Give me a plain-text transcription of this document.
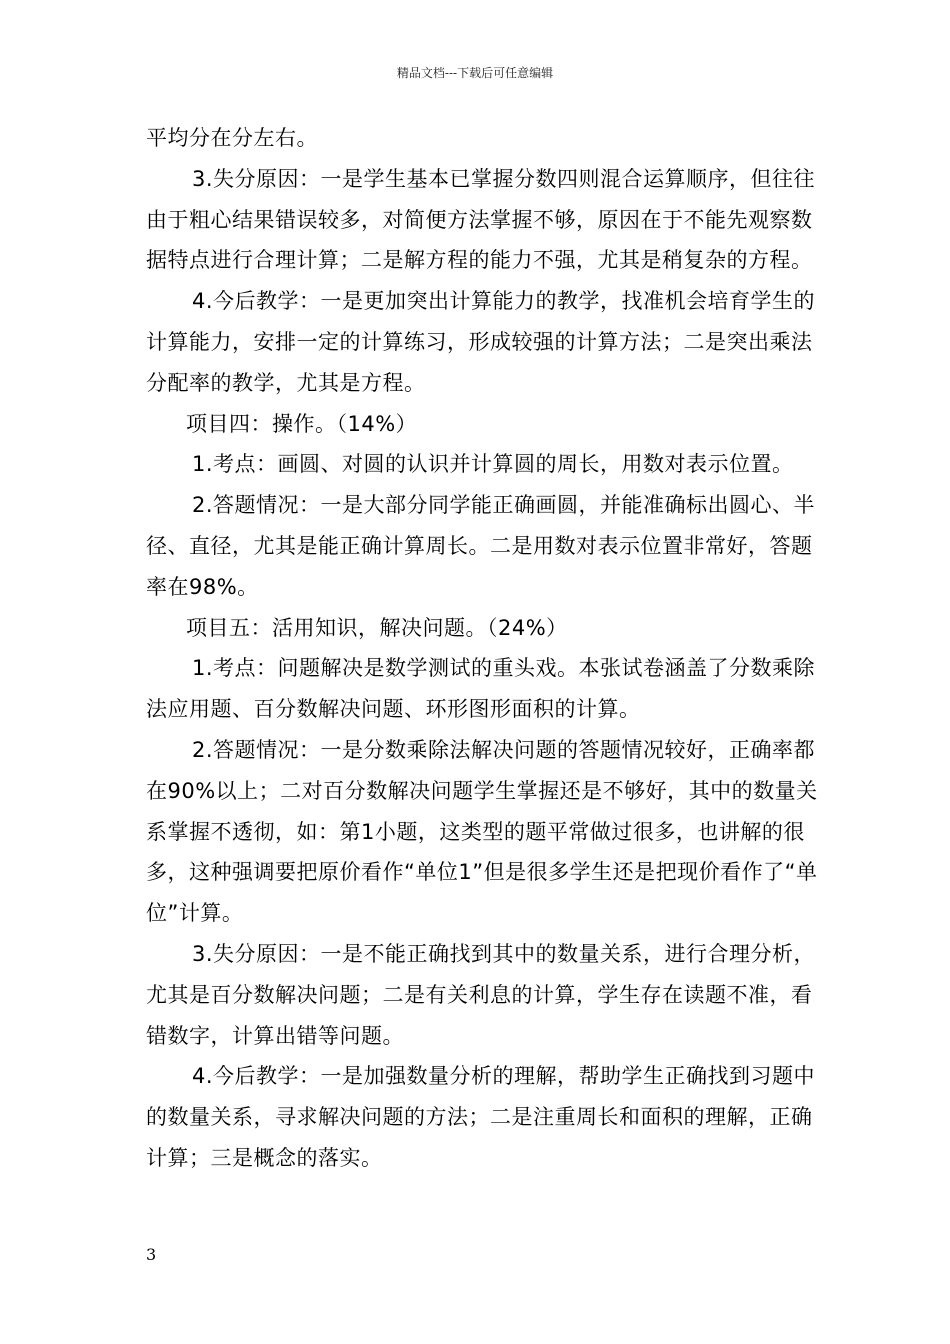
精品文档---下载后可任意编辑

平均分在分左右。

3.失分原因：一是学生基本已掌握分数四则混合运算顺序，但往往由于粗心结果错误较多，对简便方法掌握不够，原因在于不能先观察数据特点进行合理计算；二是解方程的能力不强，尤其是稍复杂的方程。

4.今后教学：一是更加突出计算能力的教学，找准机会培育学生的计算能力，安排一定的计算练习，形成较强的计算方法；二是突出乘法分配率的教学，尤其是方程。

项目四：操作。（14%）

1.考点：画圆、对圆的认识并计算圆的周长，用数对表示位置。

2.答题情况：一是大部分同学能正确画圆，并能准确标出圆心、半径、直径，尤其是能正确计算周长。二是用数对表示位置非常好，答题率在98%。

项目五：活用知识，解决问题。（24%）

1.考点：问题解决是数学测试的重头戏。本张试卷涵盖了分数乘除法应用题、百分数解决问题、环形图形面积的计算。

2.答题情况：一是分数乘除法解决问题的答题情况较好，正确率都在90%以上；二对百分数解决问题学生掌握还是不够好，其中的数量关系掌握不透彻，如：第1小题，这类型的题平常做过很多，也讲解的很多，这种强调要把原价看作“单位1”但是很多学生还是把现价看作了“单位”计算。

3.失分原因：一是不能正确找到其中的数量关系，进行合理分析，尤其是百分数解决问题；二是有关利息的计算，学生存在读题不准，看错数字，计算出错等问题。

4.今后教学：一是加强数量分析的理解，帮助学生正确找到习题中的数量关系，寻求解决问题的方法；二是注重周长和面积的理解，正确计算；三是概念的落实。

3
